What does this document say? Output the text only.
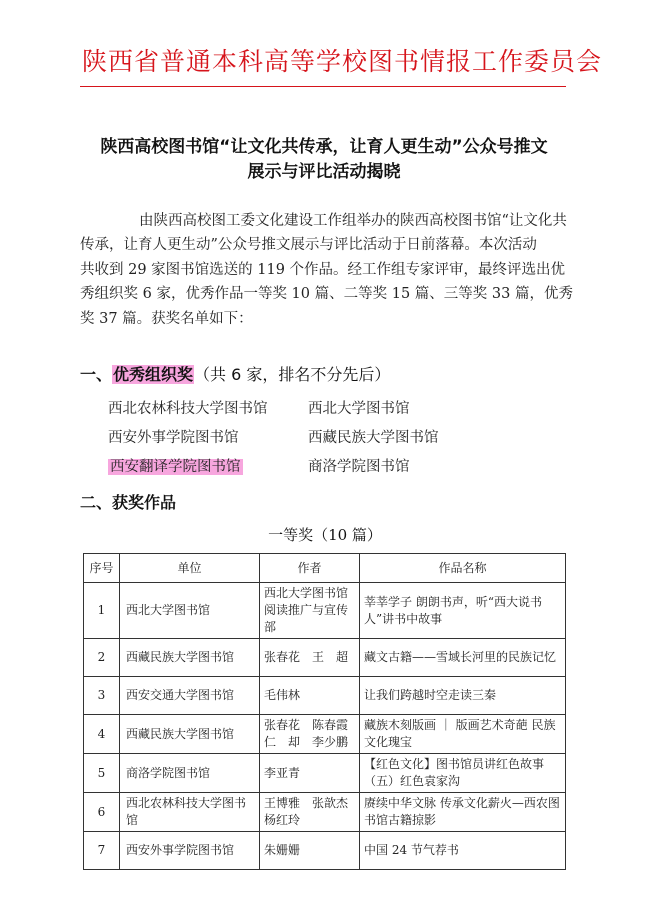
陕西省普通本科高等学校图书情报工作委员会
陕西高校图书馆“让文化共传承，让育人更生动”公众号推文
展示与评比活动揭晓
由陕西高校图工委文化建设工作组举办的陕西高校图书馆“让文化共
传承，让育人更生动”公众号推文展示与评比活动于日前落幕。本次活动
共收到 29 家图书馆选送的 119 个作品。经工作组专家评审，最终评选出优
秀组织奖 6 家，优秀作品一等奖 10 篇、二等奖 15 篇、三等奖 33 篇，优秀
奖 37 篇。获奖名单如下：
一、优秀组织奖（共 6 家，排名不分先后）
西北农林科技大学图书馆	西北大学图书馆
西安外事学院图书馆	西藏民族大学图书馆
西安翻译学院图书馆	商洛学院图书馆
二、获奖作品
一等奖（10 篇）
序号	单位	作者	作品名称
1	西北大学图书馆	西北大学图书馆阅读推广与宣传部	莘莘学子 朗朗书声，听“西大说书人”讲书中故事
2	西藏民族大学图书馆	张春花　王　超	藏文古籍——雪域长河里的民族记忆
3	西安交通大学图书馆	毛伟林	让我们跨越时空走读三秦
4	西藏民族大学图书馆	张春花　陈春霞 仁　却　李少鹏	藏族木刻版画 ｜ 版画艺术奇葩 民族文化瑰宝
5	商洛学院图书馆	李亚青	【红色文化】图书馆员讲红色故事（五）红色袁家沟
6	西北农林科技大学图书馆	王博雅　张歆杰 杨红玲	赓续中华文脉 传承文化薪火—西农图书馆古籍掠影
7	西安外事学院图书馆	朱姗姗	中国 24 节气荐书
